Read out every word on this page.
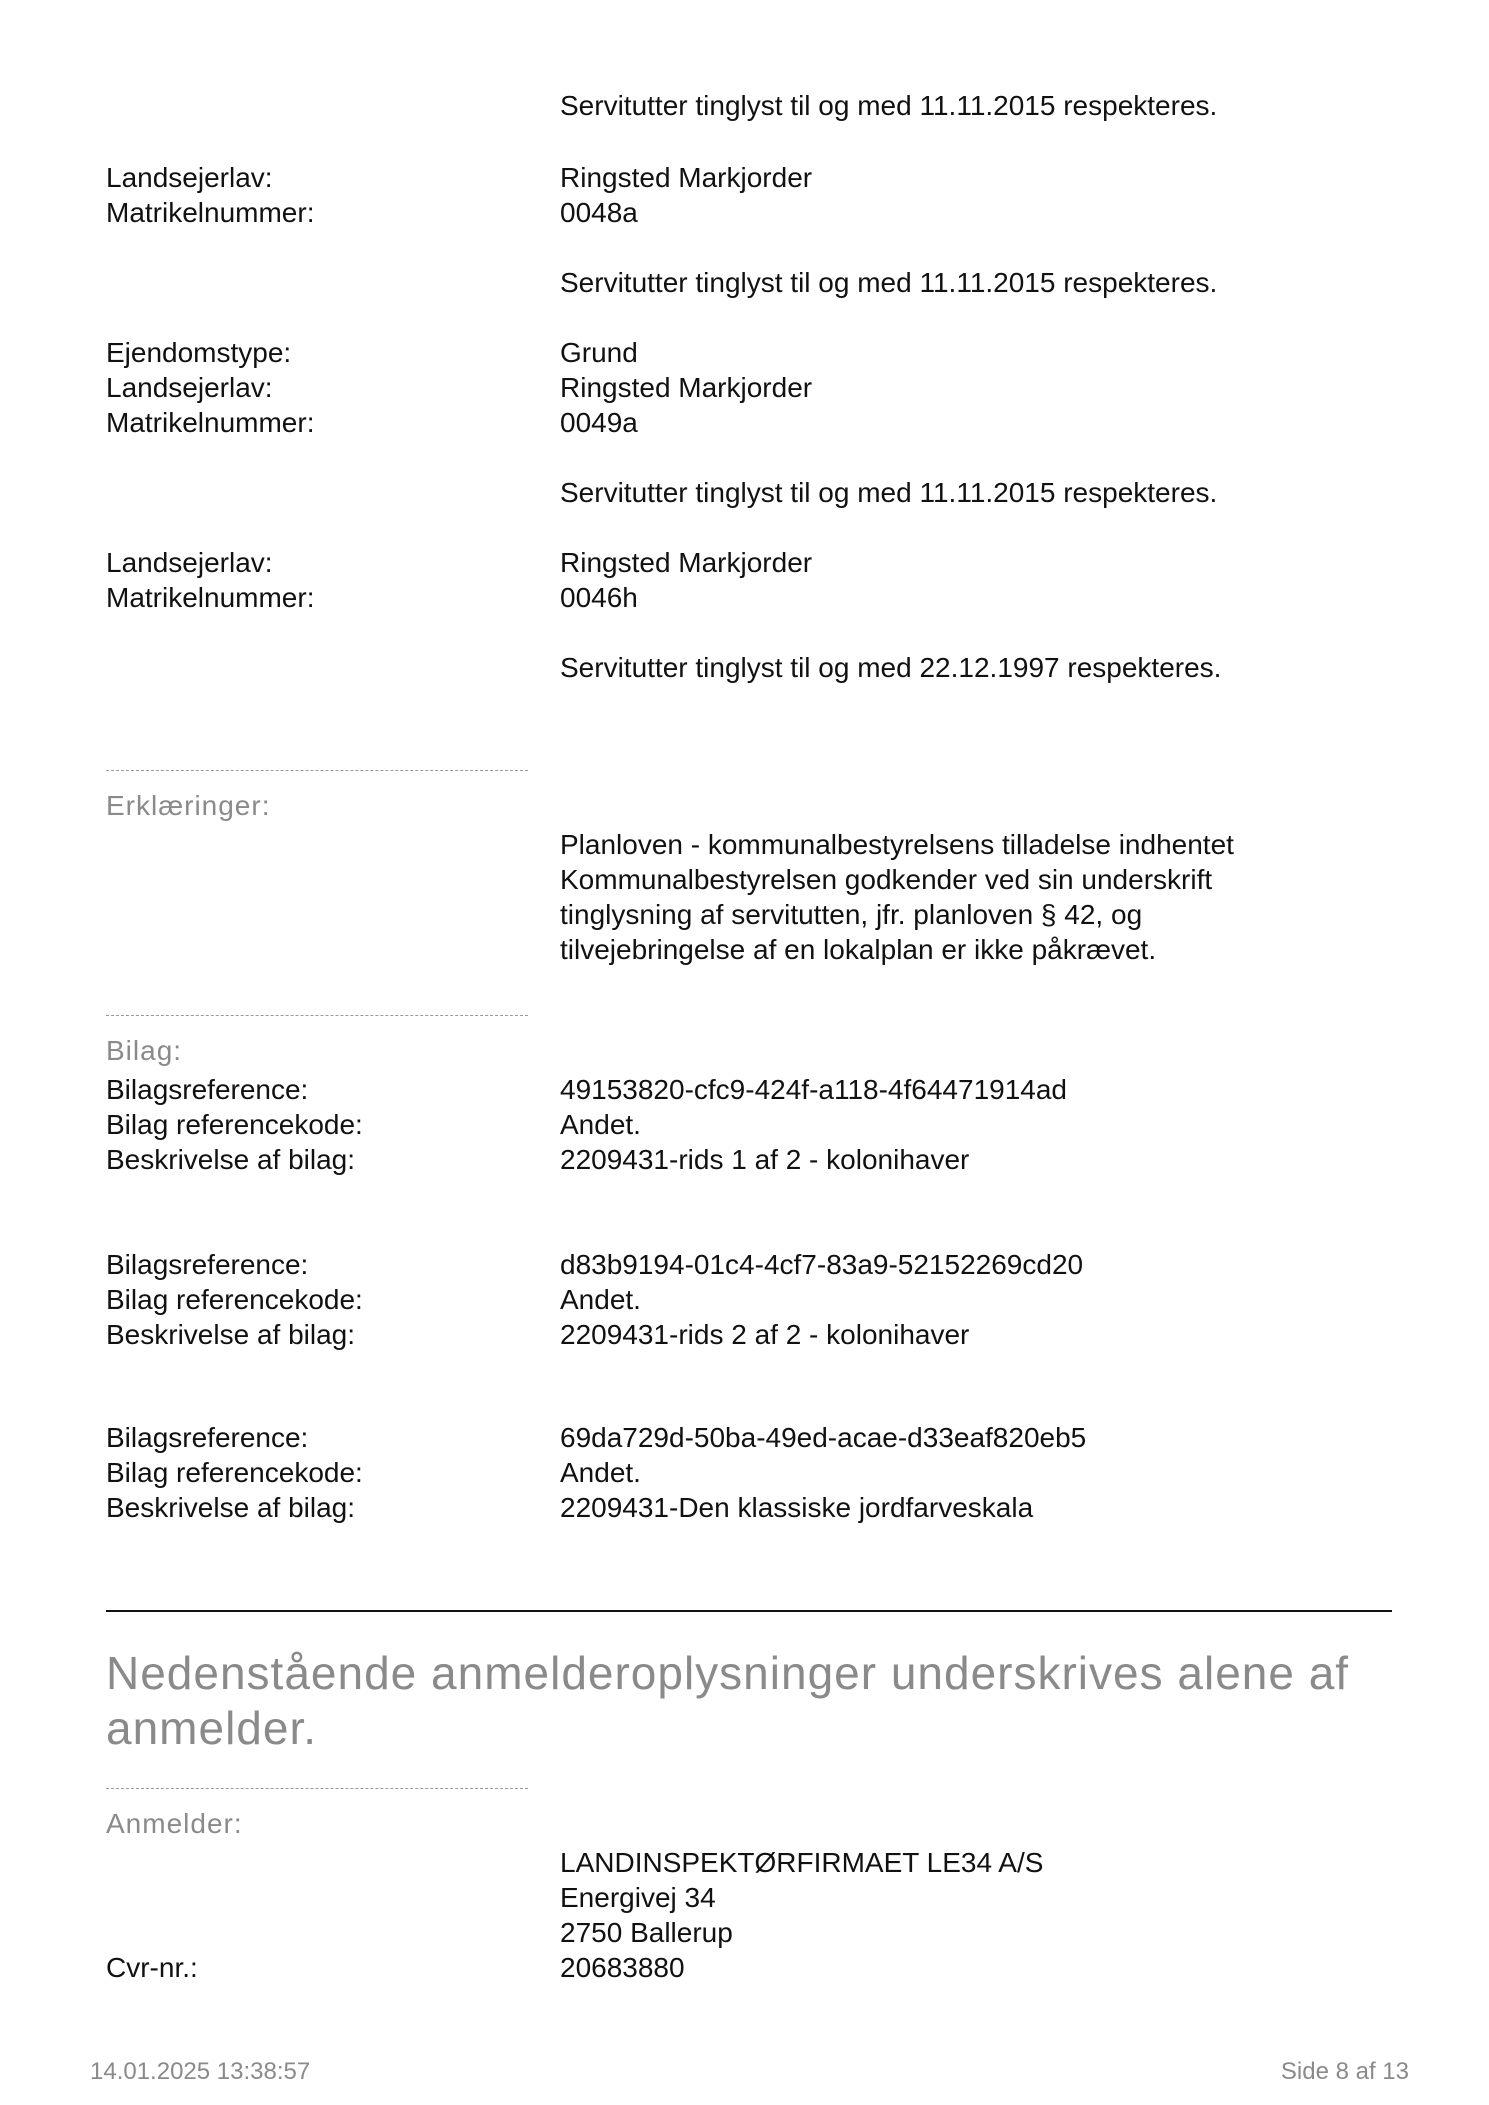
Servitutter tinglyst til og med 11.11.2015 respekteres.
Landsejerlav:	Ringsted Markjorder
Matrikelnummer:	0048a
Servitutter tinglyst til og med 11.11.2015 respekteres.
Ejendomstype:	Grund
Landsejerlav:	Ringsted Markjorder
Matrikelnummer:	0049a
Servitutter tinglyst til og med 11.11.2015 respekteres.
Landsejerlav:	Ringsted Markjorder
Matrikelnummer:	0046h
Servitutter tinglyst til og med 22.12.1997 respekteres.
Erklæringer:
Planloven - kommunalbestyrelsens tilladelse indhentet
Kommunalbestyrelsen godkender ved sin underskrift
tinglysning af servitutten, jfr. planloven § 42, og
tilvejebringelse af en lokalplan er ikke påkrævet.
Bilag:
Bilagsreference:	49153820-cfc9-424f-a118-4f64471914ad
Bilag referencekode:	Andet.
Beskrivelse af bilag:	2209431-rids 1 af 2 - kolonihaver
Bilagsreference:	d83b9194-01c4-4cf7-83a9-52152269cd20
Bilag referencekode:	Andet.
Beskrivelse af bilag:	2209431-rids 2 af 2 - kolonihaver
Bilagsreference:	69da729d-50ba-49ed-acae-d33eaf820eb5
Bilag referencekode:	Andet.
Beskrivelse af bilag:	2209431-Den klassiske jordfarveskala
Nedenstående anmelderoplysninger underskrives alene af anmelder.
Anmelder:
LANDINSPEKTØRFIRMAET LE34 A/S
Energivej 34
2750 Ballerup
Cvr-nr.:	20683880
14.01.2025 13:38:57	Side 8 af 13
